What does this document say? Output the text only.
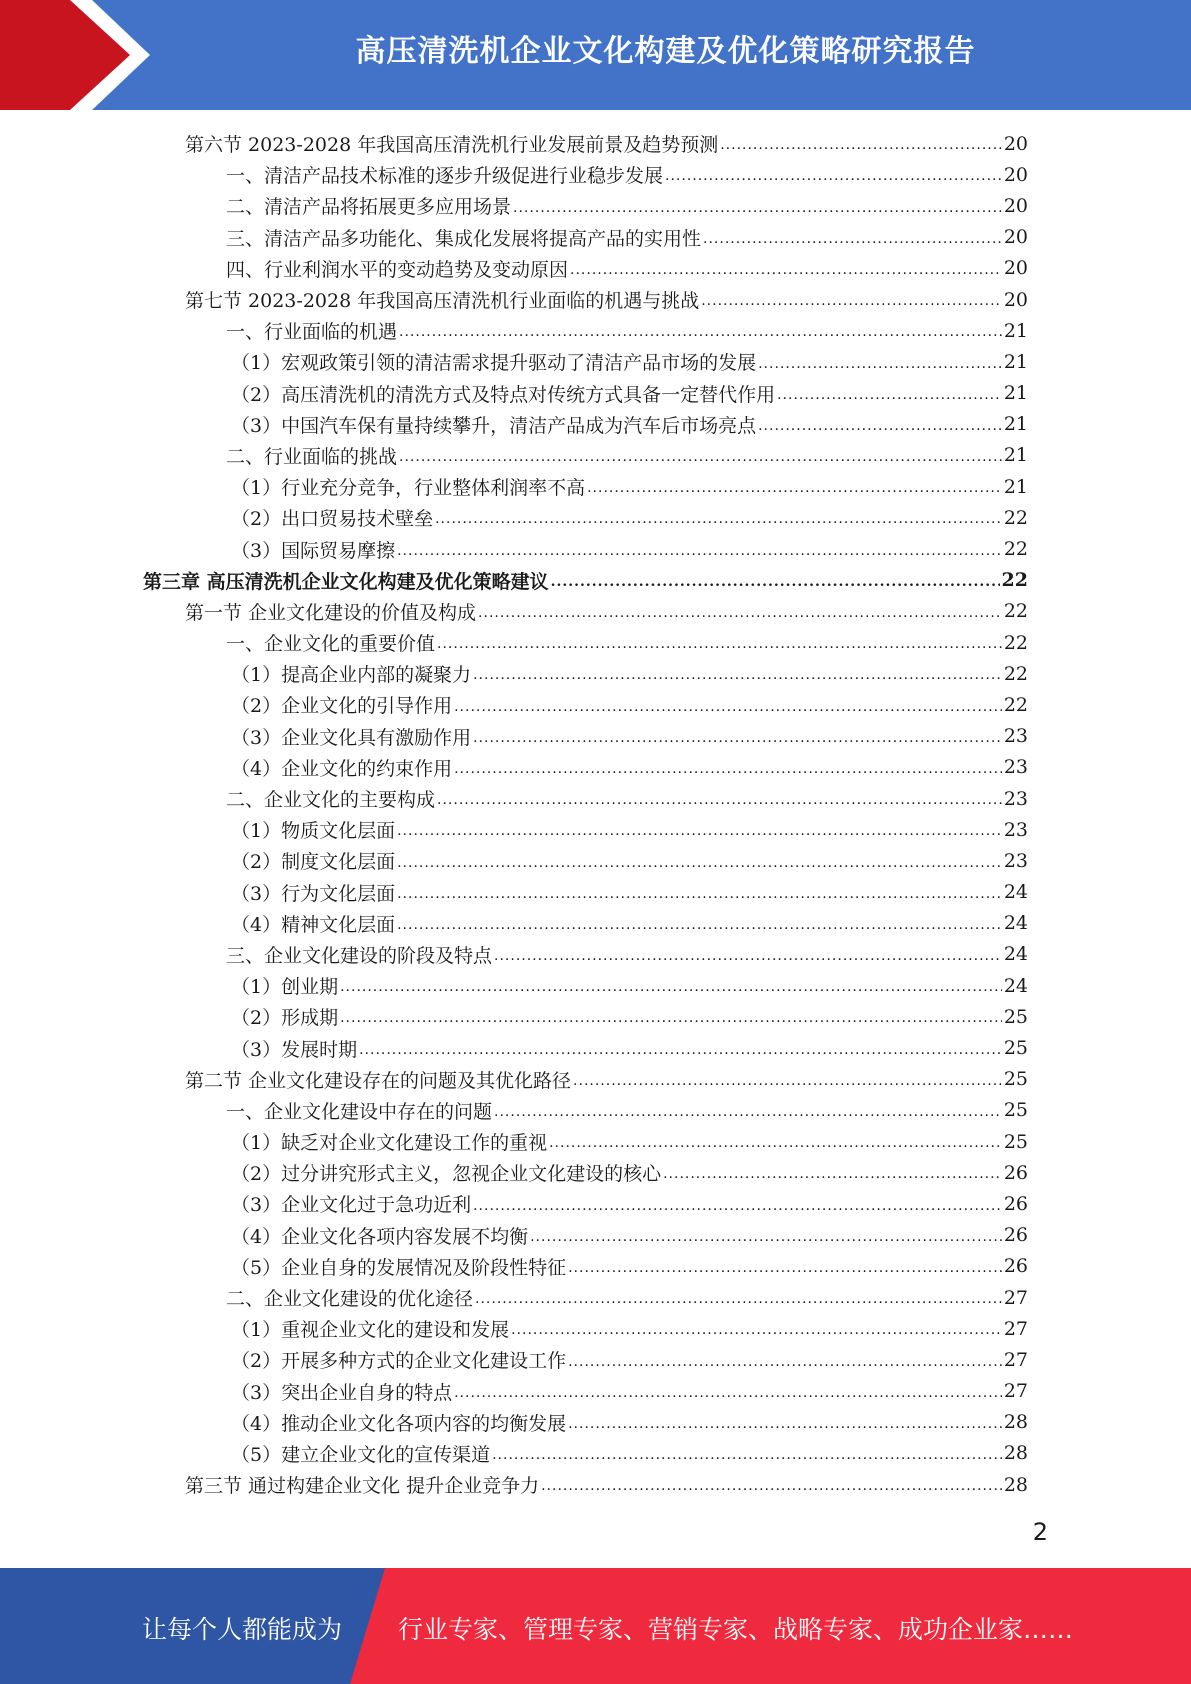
高压清洗机企业文化构建及优化策略研究报告
第六节 2023-2028 年我国高压清洗机行业发展前景及趋势预测 .....	20
一、清洁产品技术标准的逐步升级促进行业稳步发展 .....	20
二、清洁产品将拓展更多应用场景 .....	20
三、清洁产品多功能化、集成化发展将提高产品的实用性 .....	20
四、行业利润水平的变动趋势及变动原因 .....	20
第七节 2023-2028 年我国高压清洗机行业面临的机遇与挑战 .....	20
一、行业面临的机遇 .....	21
（1）宏观政策引领的清洁需求提升驱动了清洁产品市场的发展 .....	21
（2）高压清洗机的清洗方式及特点对传统方式具备一定替代作用 .....	21
（3）中国汽车保有量持续攀升，清洁产品成为汽车后市场亮点 .....	21
二、行业面临的挑战 .....	21
（1）行业充分竞争，行业整体利润率不高 .....	21
（2）出口贸易技术壁垒 .....	22
（3）国际贸易摩擦 .....	22
第三章 高压清洗机企业文化构建及优化策略建议 .....	22
第一节 企业文化建设的价值及构成 .....	22
一、企业文化的重要价值 .....	22
（1）提高企业内部的凝聚力 .....	22
（2）企业文化的引导作用 .....	22
（3）企业文化具有激励作用 .....	23
（4）企业文化的约束作用 .....	23
二、企业文化的主要构成 .....	23
（1）物质文化层面 .....	23
（2）制度文化层面 .....	23
（3）行为文化层面 .....	24
（4）精神文化层面 .....	24
三、企业文化建设的阶段及特点 .....	24
（1）创业期 .....	24
（2）形成期 .....	25
（3）发展时期 .....	25
第二节 企业文化建设存在的问题及其优化路径 .....	25
一、企业文化建设中存在的问题 .....	25
（1）缺乏对企业文化建设工作的重视 .....	25
（2）过分讲究形式主义，忽视企业文化建设的核心 .....	26
（3）企业文化过于急功近利 .....	26
（4）企业文化各项内容发展不均衡 .....	26
（5）企业自身的发展情况及阶段性特征 .....	26
二、企业文化建设的优化途径 .....	27
（1）重视企业文化的建设和发展 .....	27
（2）开展多种方式的企业文化建设工作 .....	27
（3）突出企业自身的特点 .....	27
（4）推动企业文化各项内容的均衡发展 .....	28
（5）建立企业文化的宣传渠道 .....	28
第三节 通过构建企业文化 提升企业竞争力 .....	28
2
让每个人都能成为 行业专家、管理专家、营销专家、战略专家、成功企业家……
